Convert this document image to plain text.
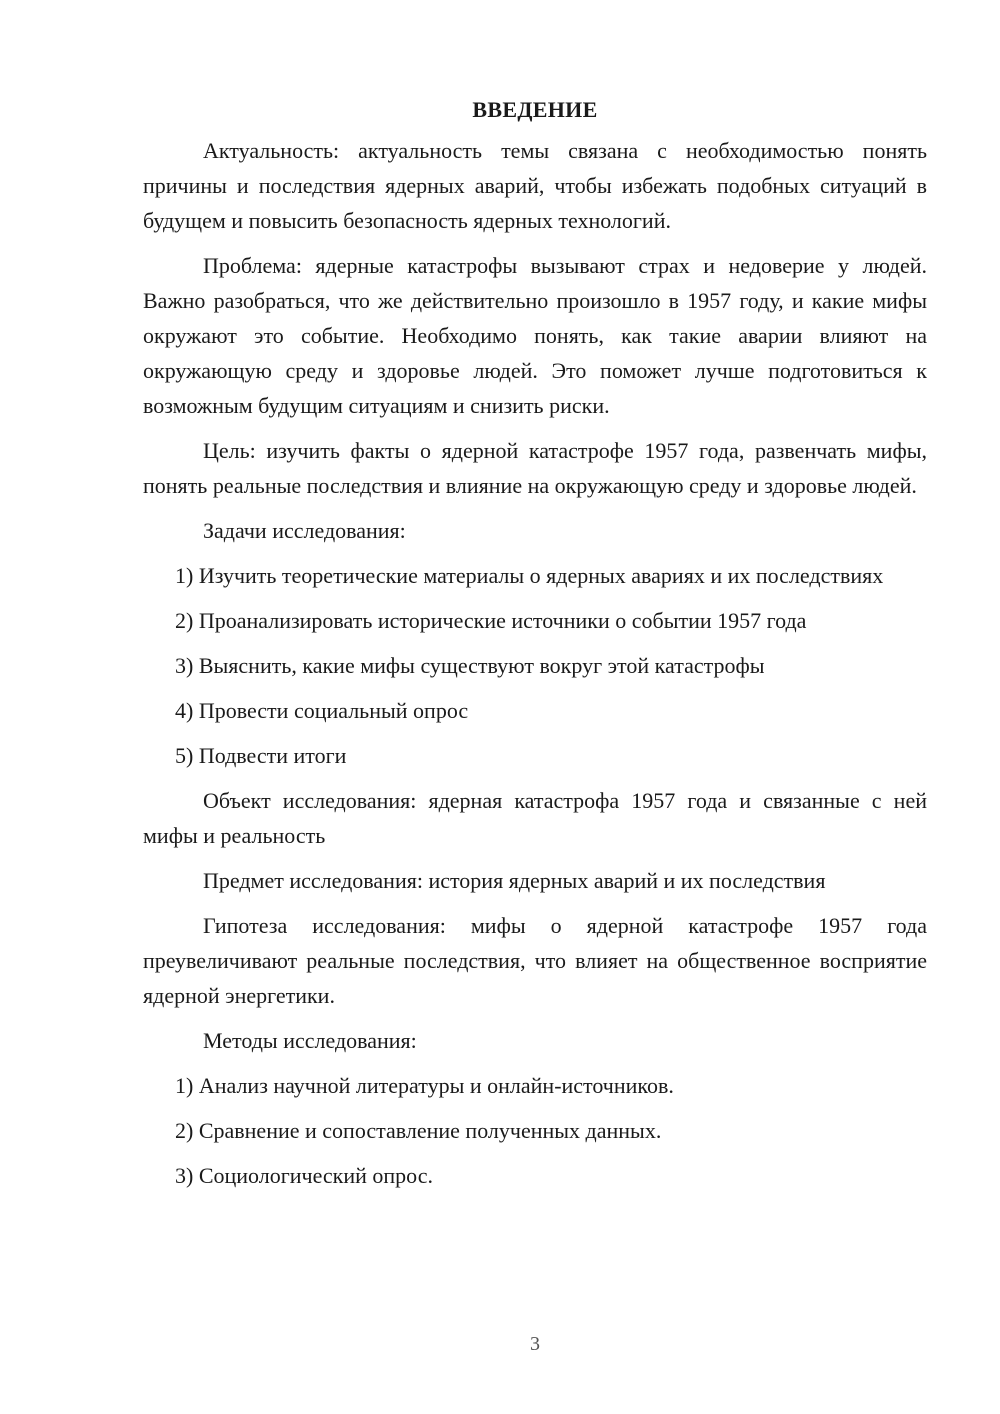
ВВЕДЕНИЕ
Актуальность: актуальность темы связана с необходимостью понять причины и последствия ядерных аварий, чтобы избежать подобных ситуаций в будущем и повысить безопасность ядерных технологий.
Проблема: ядерные катастрофы вызывают страх и недоверие у людей. Важно разобраться, что же действительно произошло в 1957 году, и какие мифы окружают это событие. Необходимо понять, как такие аварии влияют на окружающую среду и здоровье людей. Это поможет лучше подготовиться к возможным будущим ситуациям и снизить риски.
Цель: изучить факты о ядерной катастрофе 1957 года, развенчать мифы, понять реальные последствия и влияние на окружающую среду и здоровье людей.
Задачи исследования:
1) Изучить теоретические материалы о ядерных авариях и их последствиях
2) Проанализировать исторические источники о событии 1957 года
3) Выяснить, какие мифы существуют вокруг этой катастрофы
4) Провести социальный опрос
5) Подвести итоги
Объект исследования: ядерная катастрофа 1957 года и связанные с ней мифы и реальность
Предмет исследования: история ядерных аварий и их последствия
Гипотеза исследования: мифы о ядерной катастрофе 1957 года преувеличивают реальные последствия, что влияет на общественное восприятие ядерной энергетики.
Методы исследования:
1) Анализ научной литературы и онлайн-источников.
2) Сравнение и сопоставление полученных данных.
3) Социологический опрос.
3
